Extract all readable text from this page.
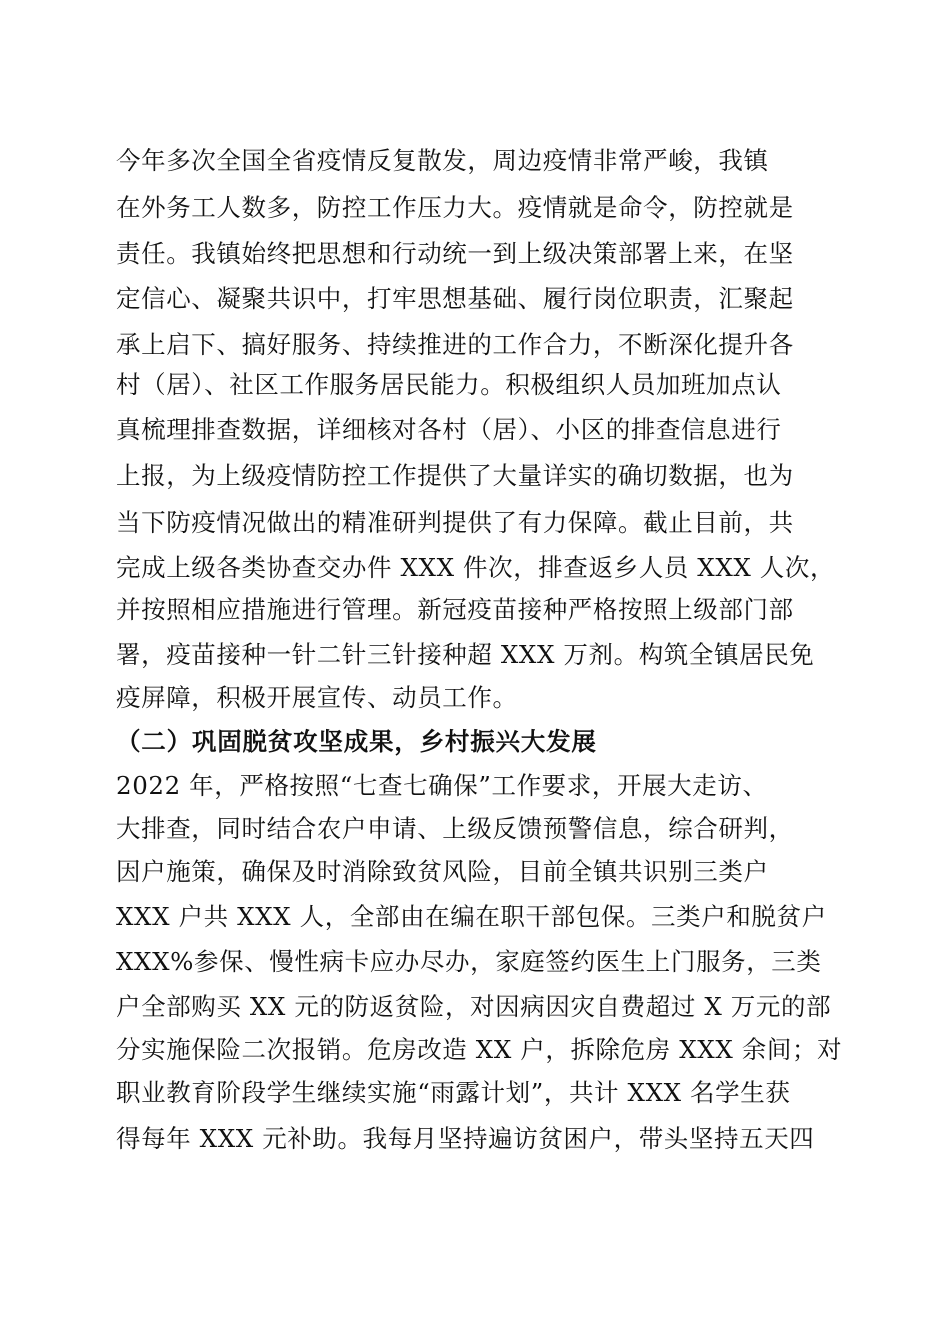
今年多次全国全省疫情反复散发，周边疫情非常严峻，我镇
在外务工人数多，防控工作压力大。疫情就是命令，防控就是
责任。我镇始终把思想和行动统一到上级决策部署上来，在坚
定信心、凝聚共识中，打牢思想基础、履行岗位职责，汇聚起
承上启下、搞好服务、持续推进的工作合力，不断深化提升各
村（居）、社区工作服务居民能力。积极组织人员加班加点认
真梳理排查数据，详细核对各村（居）、小区的排查信息进行
上报，为上级疫情防控工作提供了大量详实的确切数据，也为
当下防疫情况做出的精准研判提供了有力保障。截止目前，共
完成上级各类协查交办件 XXX 件次，排查返乡人员 XXX 人次，
并按照相应措施进行管理。新冠疫苗接种严格按照上级部门部
署，疫苗接种一针二针三针接种超 XXX 万剂。构筑全镇居民免
疫屏障，积极开展宣传、动员工作。
（二）巩固脱贫攻坚成果，乡村振兴大发展
2022 年，严格按照“七查七确保”工作要求，开展大走访、
大排查，同时结合农户申请、上级反馈预警信息，综合研判，
因户施策，确保及时消除致贫风险，目前全镇共识别三类户
XXX 户共 XXX 人，全部由在编在职干部包保。三类户和脱贫户
XXX%参保、慢性病卡应办尽办，家庭签约医生上门服务，三类
户全部购买 XX 元的防返贫险，对因病因灾自费超过 X 万元的部
分实施保险二次报销。危房改造 XX 户，拆除危房 XXX 余间；对
职业教育阶段学生继续实施“雨露计划”，共计 XXX 名学生获
得每年 XXX 元补助。我每月坚持遍访贫困户，带头坚持五天四
